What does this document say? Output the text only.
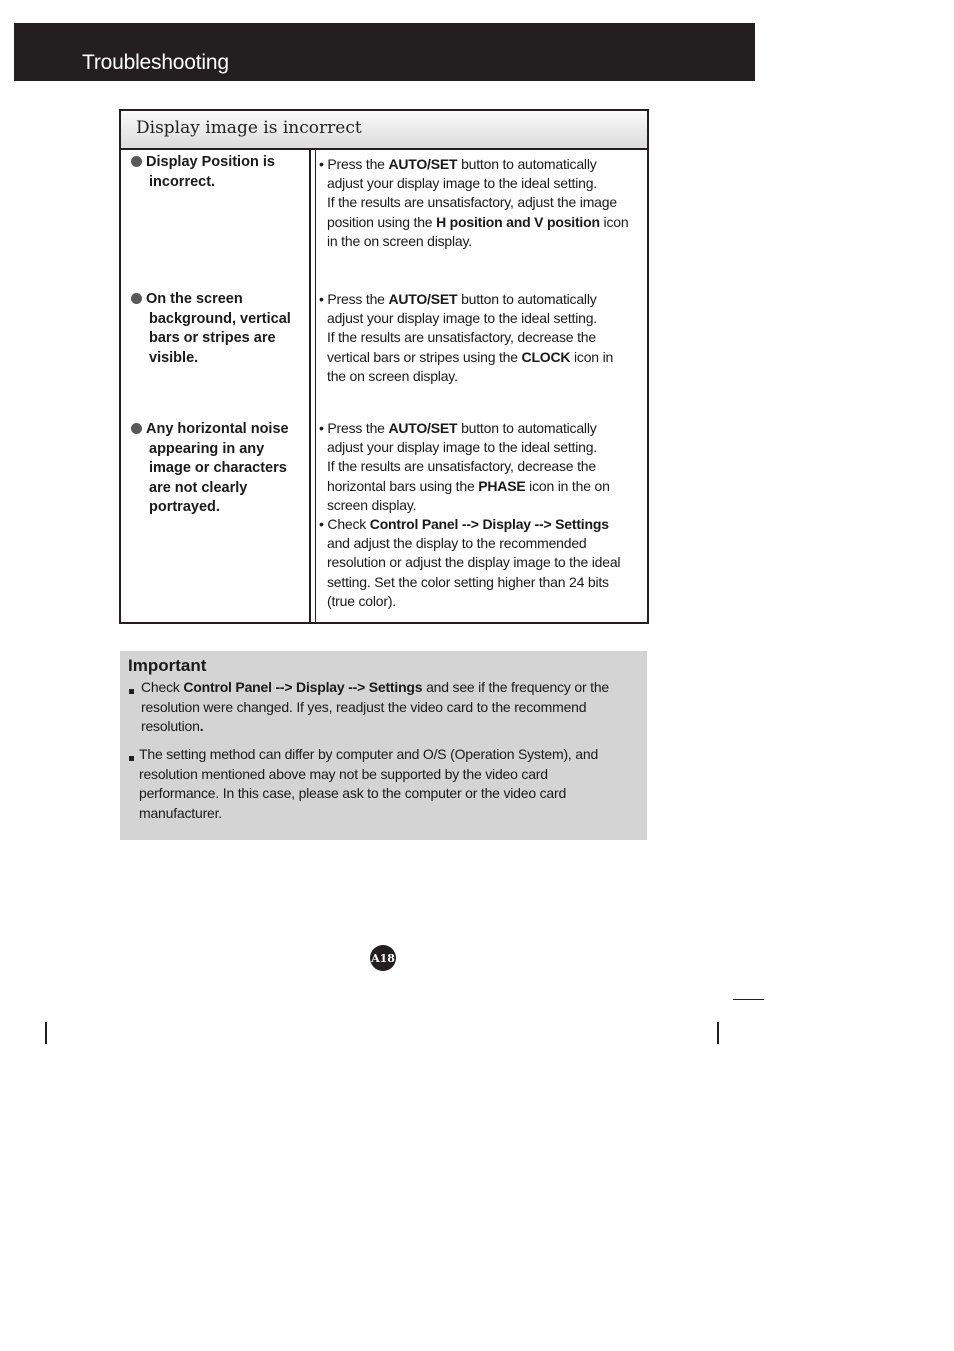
Troubleshooting
Display image is incorrect
Display Position is
incorrect.

• Press the AUTO/SET button to automatically

adjust your display image to the ideal setting.

If the results are unsatisfactory, adjust the image

position using the H position and V position icon

in the on screen display.

On the screen
background, vertical bars or stripes are visible.

• Press the AUTO/SET button to automatically

adjust your display image to the ideal setting.

If the results are unsatisfactory, decrease the

vertical bars or stripes using the CLOCK icon in

the on screen display.

Any horizontal noise
appearing in any image or characters are not clearly portrayed.

• Press the AUTO/SET button to automatically

adjust your display image to the ideal setting.

If the results are unsatisfactory, decrease the

horizontal bars using the PHASE icon in the on

screen display.

• Check Control Panel --> Display --> Settings

and adjust the display to the recommended resolution or adjust the display image to the ideal setting. Set the color setting higher than 24 bits (true color).

Important
Check Control Panel --> Display --> Settings and see if the frequency or the resolution were changed. If yes, readjust the video card to the recommend resolution.
The setting method can differ by computer and O/S (Operation System), and resolution mentioned above may not be supported by the video card performance. In this case, please ask to the computer or the video card manufacturer.
A18
